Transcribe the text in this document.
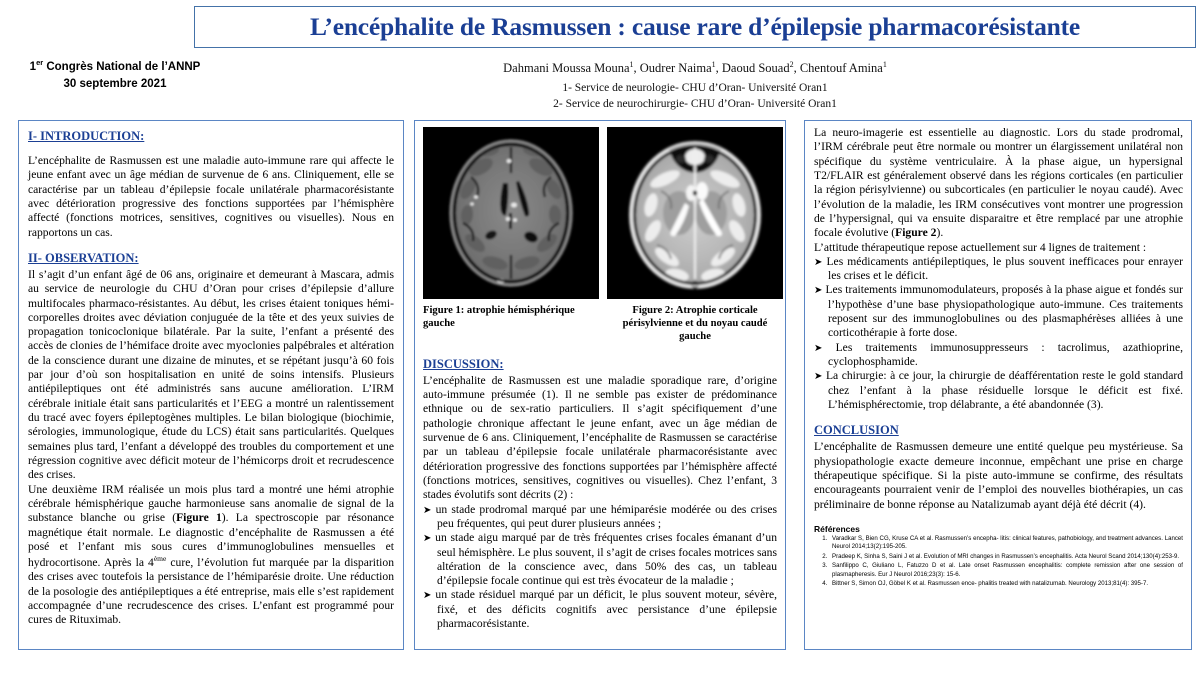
1er Congrès National de l’ANNP
30 septembre 2021
L’encéphalite de Rasmussen : cause rare d’épilepsie pharmacorésistante
Dahmani Moussa Mouna$^1$, Oudrer Naima$^1$, Daoud Souad$^2$, Chentouf Amina$^1$
1- Service de neurologie- CHU d’Oran- Université Oran1
2- Service de neurochirurgie- CHU d’Oran- Université Oran1
I- INTRODUCTION:

L’encéphalite de Rasmussen est une maladie auto-immune rare qui affecte le jeune enfant avec un âge médian de survenue de 6 ans. Cliniquement, elle se caractérise par un tableau d’épilepsie focale unilatérale pharmacorésistante avec détérioration progressive des fonctions supportées par l’hémisphère affecté (fonctions motrices, sensitives, cognitives ou visuelles). Nous en rapportons un cas.

II- OBSERVATION:

Il s’agit d’un enfant âgé de 06 ans, originaire et demeurant à Mascara, admis au service de neurologie du CHU d’Oran pour crises d’épilepsie d’allure multifocales pharmaco-résistantes. Au début, les crises étaient toniques hémi-corporelles droites avec déviation conjuguée de la tête et des yeux suivies de propagation tonicoclonique bilatérale. Par la suite, l’enfant a présenté des accès de clonies de l’hémiface droite avec myoclonies palpébrales et altération de la conscience durant une dizaine de minutes, et se répétant jusqu’à 60 fois par jour d’où son hospitalisation en unité de soins intensifs. Plusieurs antiépileptiques ont été administrés sans aucune amélioration. L’IRM cérébrale initiale était sans particularités et l’EEG a montré un ralentissement du tracé avec foyers épileptogènes multiples. Le bilan biologique (biochimie, sérologies, immunologique, étude du LCS) était sans particularités. Quelques semaines plus tard, l’enfant a développé des troubles du comportement et une régression cognitive avec déficit moteur de l’hémicorps droit et recrudescence des crises.

Une deuxième IRM réalisée un mois plus tard a montré une hémi atrophie cérébrale hémisphérique gauche harmonieuse sans anomalie de signal de la substance blanche ou grise (Figure 1). La spectroscopie par résonance magnétique était normale. Le diagnostic d’encéphalite de Rasmussen a été posé et l’enfant mis sous cures d’immunoglobulines mensuelles et hydrocortisone. Après la 4ème cure, l’évolution fut marquée par la disparition des crises avec toutefois la persistance de l’hémiparésie droite. Une réduction de la posologie des antiépileptiques a été entreprise, mais elle s’est rapidement accompagnée d’une recrudescence des crises. L’enfant est programmé pour cures de Rituximab.

Figure 1: atrophie hémisphérique gauche
Figure 2: Atrophie corticale périsylvienne et du noyau caudé gauche
DISCUSSION:

L’encéphalite de Rasmussen est une maladie sporadique rare, d’origine auto-immune présumée (1). Il ne semble pas exister de prédominance ethnique ou de sex-ratio particuliers. Il s’agit spécifiquement d’une pathologie chronique affectant le jeune enfant, avec un âge médian de survenue de 6 ans. Cliniquement, l’encéphalite de Rasmussen se caractérise par un tableau d’épilepsie focale unilatérale pharmacorésistante avec détérioration progressive des fonctions supportées par l’hémisphère affecté (fonctions motrices, sensitives, cognitives ou visuelles). Chez l’enfant, 3 stades évolutifs sont décrits (2) :

➤ un stade prodromal marqué par une hémiparésie modérée ou des crises peu fréquentes, qui peut durer plusieurs années ;

➤ un stade aigu marqué par de très fréquentes crises focales émanant d’un seul hémisphère. Le plus souvent, il s’agit de crises focales motrices sans altération de la conscience avec, dans 50% des cas, un tableau d’épilepsie focale continue qui est très évocateur de la maladie ;

➤ un stade résiduel marqué par un déficit, le plus souvent moteur, sévère, fixé, et des déficits cognitifs avec persistance d’une épilepsie pharmacorésistante.

La neuro-imagerie est essentielle au diagnostic. Lors du stade prodromal, l’IRM cérébrale peut être normale ou montrer un élargissement unilatéral non spécifique du système ventriculaire. À la phase aigue, un hypersignal T2/FLAIR est généralement observé dans les régions corticales (en particulier la région périsylvienne) ou subcorticales (en particulier le noyau caudé). Avec l’évolution de la maladie, les IRM consécutives vont montrer une progression de l’hypersignal, qui va ensuite disparaitre et être remplacé par une atrophie focale évolutive (Figure 2).

L’attitude thérapeutique repose actuellement sur 4 lignes de traitement :

➤ Les médicaments antiépileptiques, le plus souvent inefficaces pour enrayer les crises et le déficit.

➤ Les traitements immunomodulateurs, proposés à la phase aigue et fondés sur l’hypothèse d’une base physiopathologique auto-immune. Ces traitements reposent sur des immunoglobulines ou des plasmaphérèses alliées à une corticothérapie à forte dose.

➤ Les traitements immunosuppresseurs : tacrolimus, azathioprine, cyclophosphamide.

➤ La chirurgie: à ce jour, la chirurgie de déafférentation reste le gold standard chez l’enfant à la phase résiduelle lorsque le déficit est fixé. L’hémisphérectomie, trop délabrante, a été abandonnée (3).

CONCLUSION

L’encéphalite de Rasmussen demeure une entité quelque peu mystérieuse. Sa physiopathologie exacte demeure inconnue, empêchant une prise en charge thérapeutique spécifique. Si la piste auto-immune se confirme, des résultats encourageants pourraient venir de l’emploi des nouvelles biothérapies, un cas préliminaire de bonne réponse au Natalizumab ayant déjà été décrit (4).

Références
1. Varadkar S, Bien CG, Kruse CA et al. Rasmussen’s encepha- litis: clinical features, pathobiology, and treatment advances. Lancet Neurol 2014;13(2):195-205.
2. Pradeep K, Sinha S, Saini J et al. Evolution of MRI changes in Rasmussen’s encephalitis. Acta Neurol Scand 2014;130(4):253-9.
3. Sanfilippo C, Giuliano L, Fatuzzo D et al. Late onset Rasmussen encephalitis: complete remission after one session of plasmapheresis. Eur J Neurol 2016;23(3): 15-6.
4. Bittner S, Simon OJ, Göbel K et al. Rasmussen ence- phalitis treated with natalizumab. Neurology 2013;81(4): 395-7.
